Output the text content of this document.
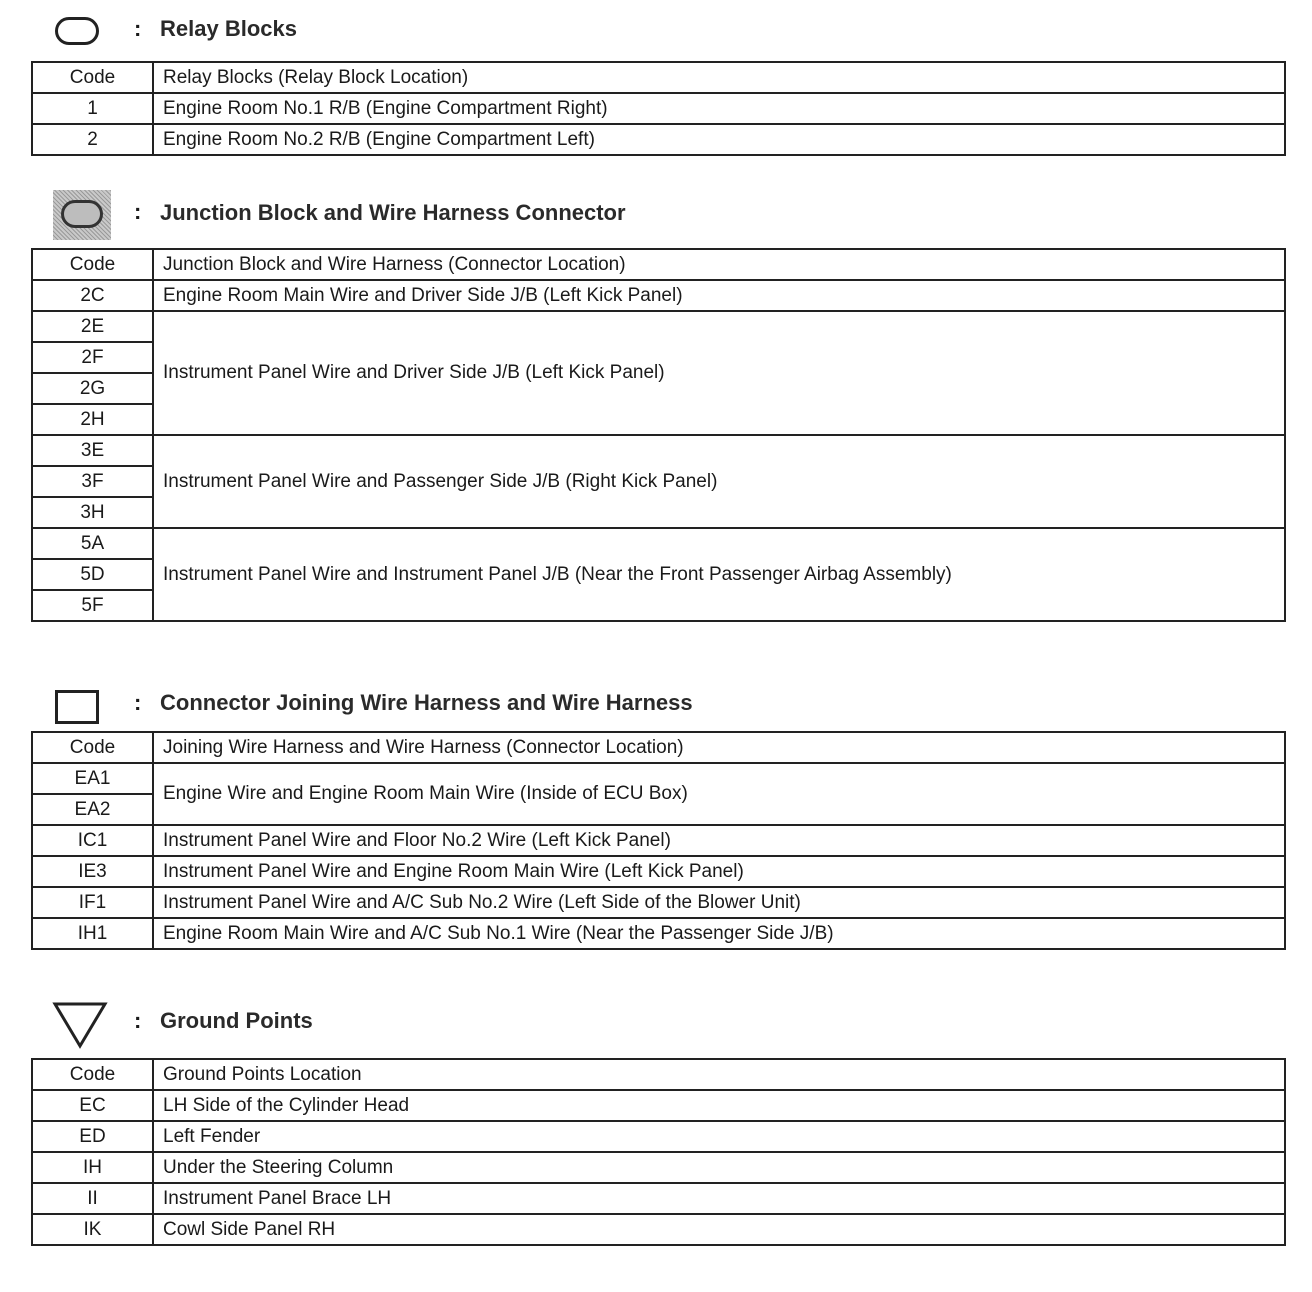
: Relay Blocks
Code	Relay Blocks (Relay Block Location)
1	Engine Room No.1 R/B (Engine Compartment Right)
2	Engine Room No.2 R/B (Engine Compartment Left)
: Junction Block and Wire Harness Connector
Code	Junction Block and Wire Harness (Connector Location)
2C	Engine Room Main Wire and Driver Side J/B (Left Kick Panel)
2E	Instrument Panel Wire and Driver Side J/B (Left Kick Panel)
2F	
2G	
2H	
3E	Instrument Panel Wire and Passenger Side J/B (Right Kick Panel)
3F	
3H	
5A	Instrument Panel Wire and Instrument Panel J/B (Near the Front Passenger Airbag Assembly)
5D	
5F	
: Connector Joining Wire Harness and Wire Harness
Code	Joining Wire Harness and Wire Harness (Connector Location)
EA1	Engine Wire and Engine Room Main Wire (Inside of ECU Box)
EA2	
IC1	Instrument Panel Wire and Floor No.2 Wire (Left Kick Panel)
IE3	Instrument Panel Wire and Engine Room Main Wire (Left Kick Panel)
IF1	Instrument Panel Wire and A/C Sub No.2 Wire (Left Side of the Blower Unit)
IH1	Engine Room Main Wire and A/C Sub No.1 Wire (Near the Passenger Side J/B)
: Ground Points
Code	Ground Points Location
EC	LH Side of the Cylinder Head
ED	Left Fender
IH	Under the Steering Column
II	Instrument Panel Brace LH
IK	Cowl Side Panel RH
